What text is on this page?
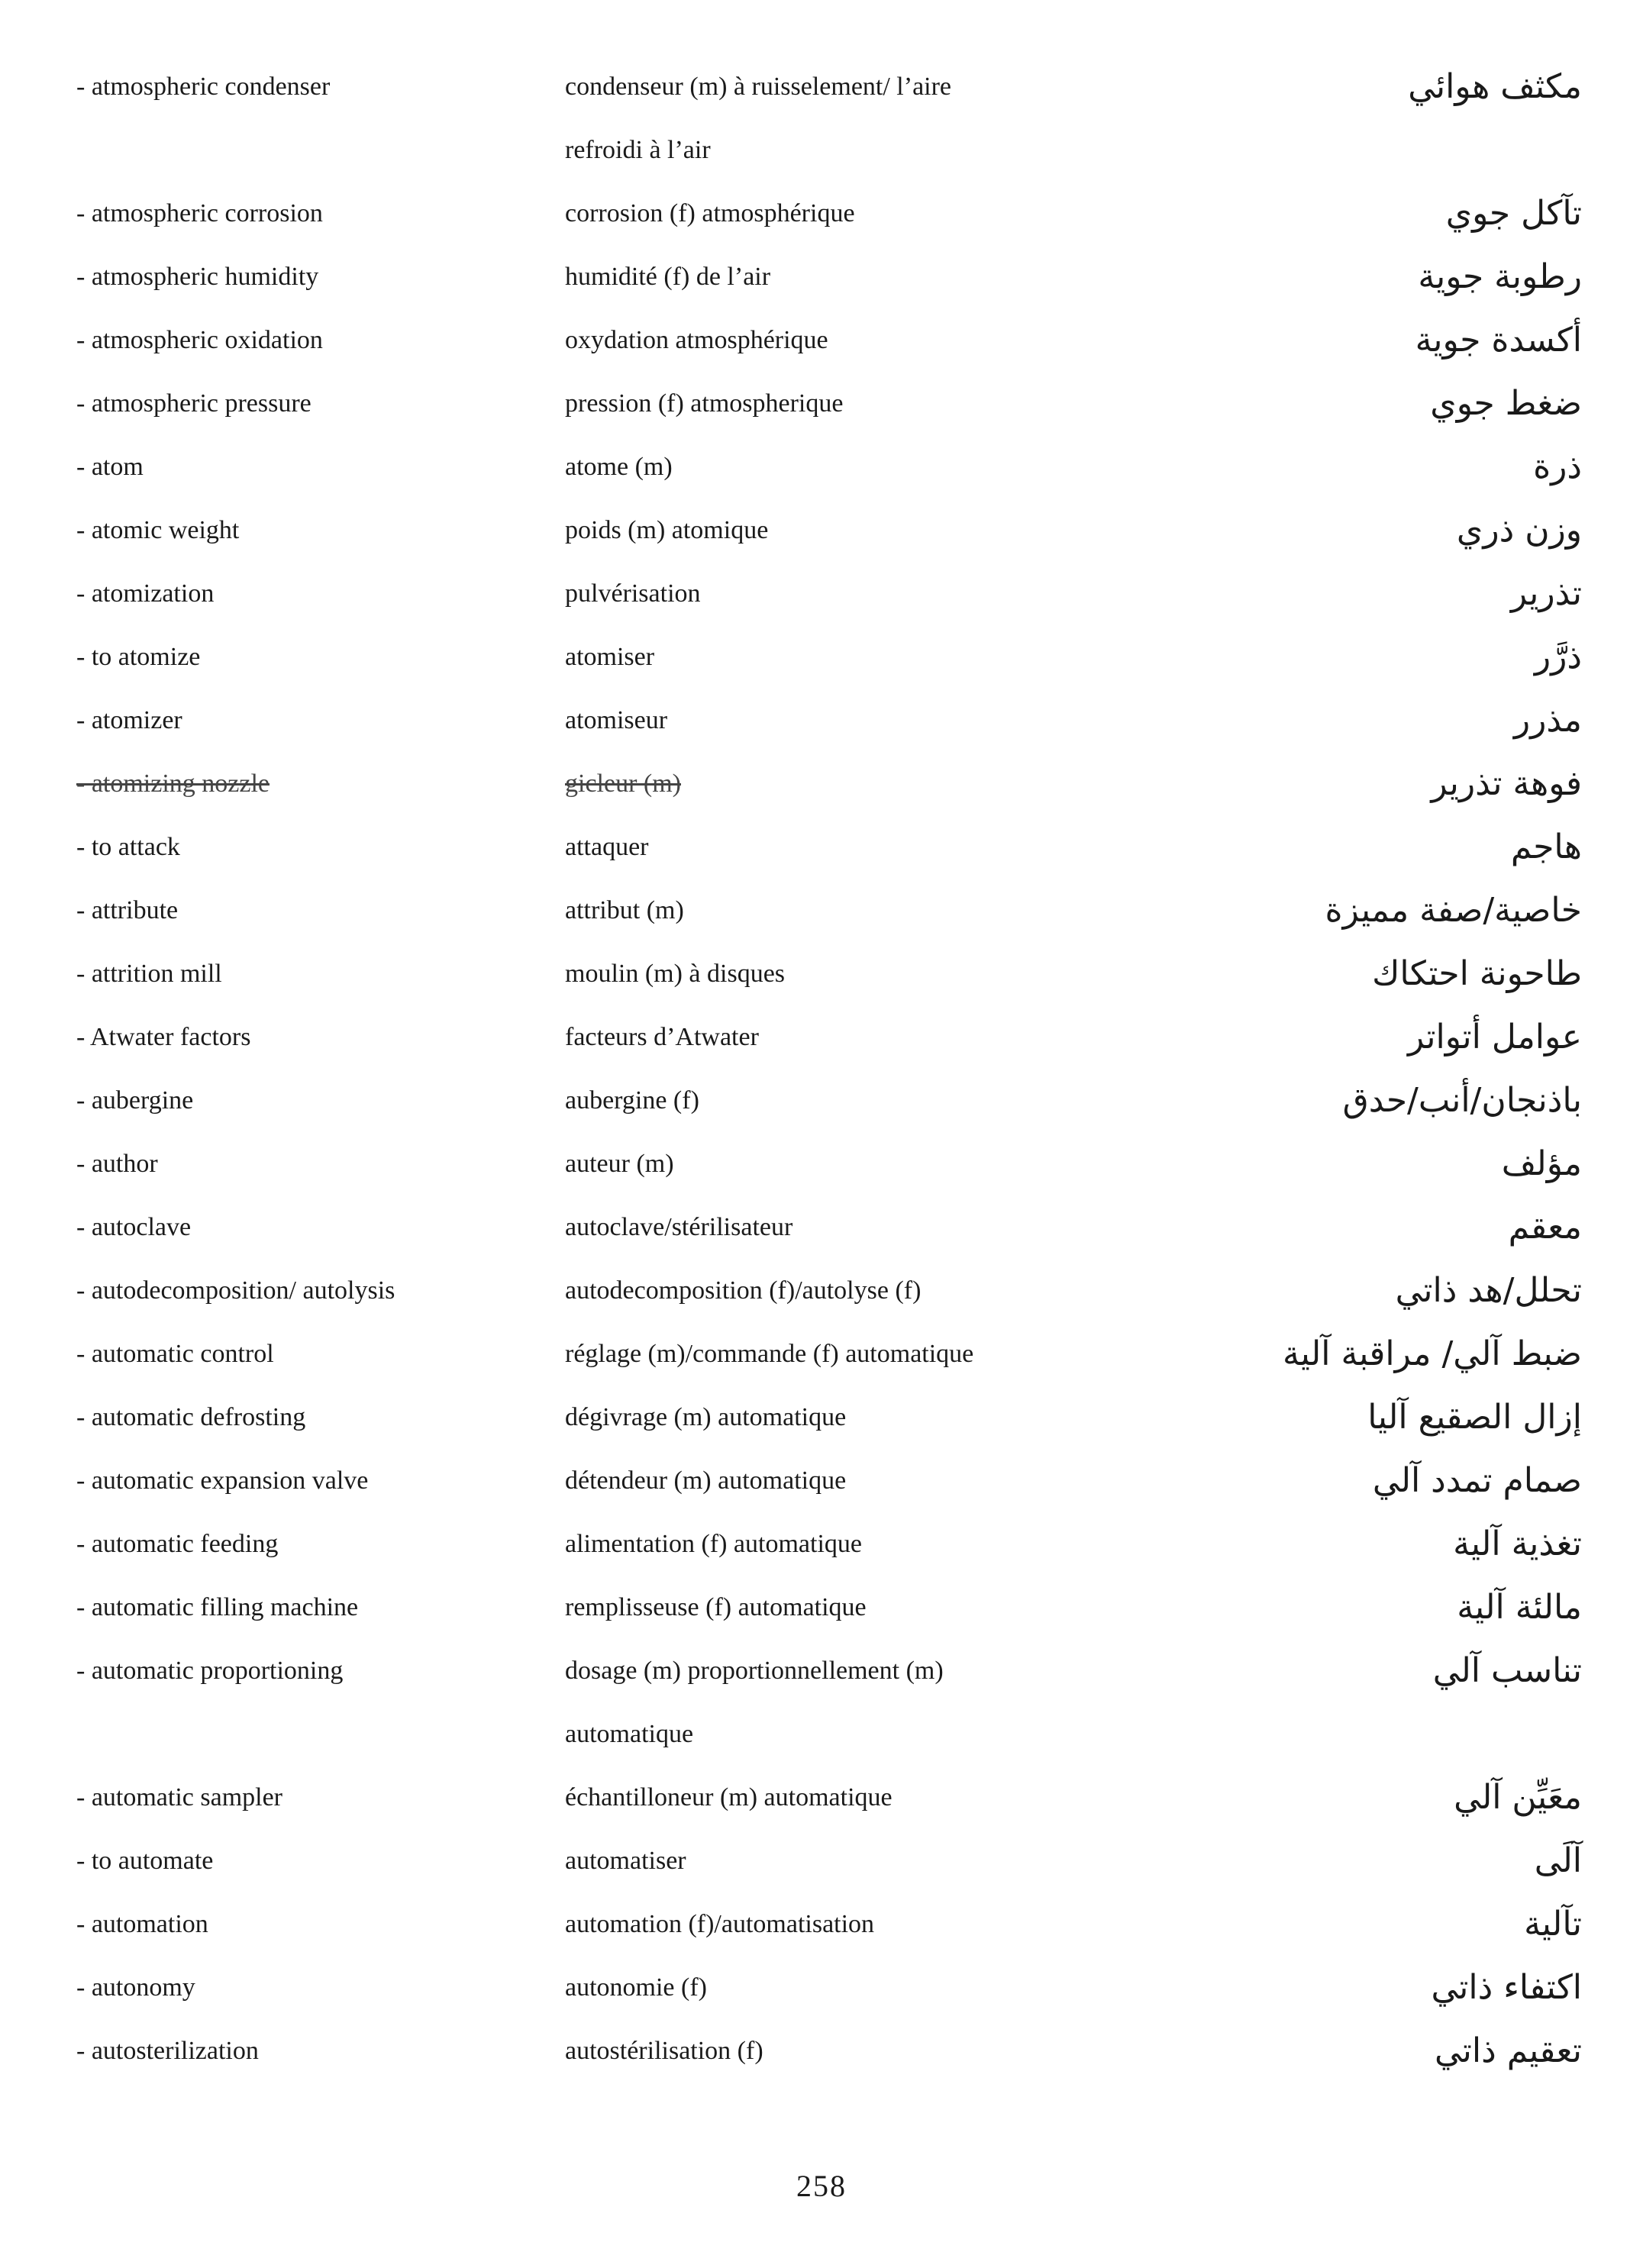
- atmospheric condenser	condenseur (m) à ruisselement/ l’aire	مكثف هوائي
refroidi à l’air
- atmospheric corrosion	corrosion (f) atmosphérique	تآكل جوي
- atmospheric humidity	humidité (f) de l’air	رطوبة جوية
- atmospheric oxidation	oxydation atmosphérique	أكسدة جوية
- atmospheric pressure	pression (f) atmospherique	ضغط جوي
- atom	atome (m)	ذرة
- atomic weight	poids (m) atomique	وزن ذري
- atomization	pulvérisation	تذرير
- to atomize	atomiser	ذرَّر
- atomizer	atomiseur	مذرر
- atomizing nozzle	gicleur (m)	فوهة تذرير
- to attack	attaquer	هاجم
- attribute	attribut (m)	خاصية/صفة مميزة
- attrition mill	moulin (m) à disques	طاحونة احتكاك
- Atwater factors	facteurs d’Atwater	عوامل أتواتر
- aubergine	aubergine (f)	باذنجان/أنب/حدق
- author	auteur (m)	مؤلف
- autoclave	autoclave/stérilisateur	معقم
- autodecomposition/ autolysis	autodecomposition (f)/autolyse (f)	تحلل/هد ذاتي
- automatic control	réglage (m)/commande (f) automatique	ضبط آلي/ مراقبة آلية
- automatic defrosting	dégivrage (m) automatique	إزال الصقيع آليا
- automatic expansion valve	détendeur (m) automatique	صمام تمدد آلي
- automatic feeding	alimentation (f) automatique	تغذية آلية
- automatic filling machine	remplisseuse (f) automatique	مالئة آلية
- automatic proportioning	dosage (m) proportionnellement (m)	تناسب آلي
automatique
- automatic sampler	échantilloneur (m) automatique	معَيِّن آلي
- to automate	automatiser	آلَى
- automation	automation (f)/automatisation	تآلية
- autonomy	autonomie (f)	اكتفاء ذاتي
- autosterilization	autostérilisation (f)	تعقيم ذاتي
258
